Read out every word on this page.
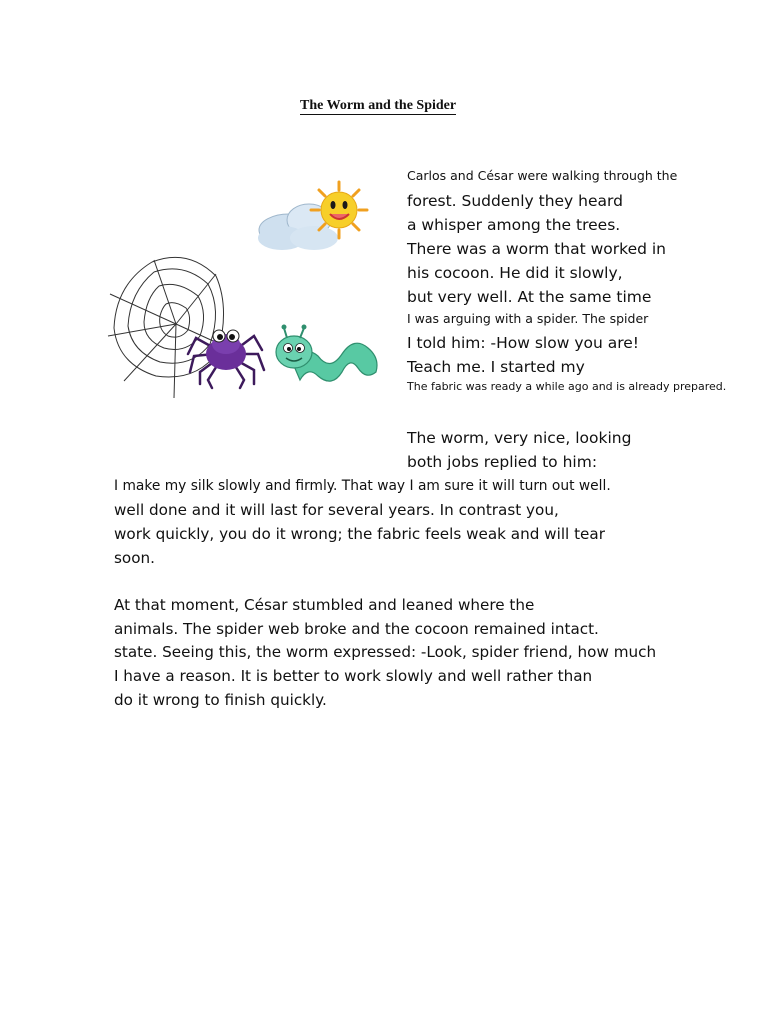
The Worm and the Spider
Carlos and César were walking through the
forest. Suddenly they heard
a whisper among the trees.
There was a worm that worked in
his cocoon. He did it slowly,
but very well. At the same time
I was arguing with a spider. The spider
I told him: -How slow you are!
Teach me. I started my
The fabric was ready a while ago and is already prepared.
The worm, very nice, looking
both jobs replied to him:
I make my silk slowly and firmly. That way I am sure it will turn out well.
well done and it will last for several years. In contrast you,
work quickly, you do it wrong; the fabric feels weak and will tear
soon.
At that moment, César stumbled and leaned where the
animals. The spider web broke and the cocoon remained intact.
state. Seeing this, the worm expressed: -Look, spider friend, how much
I have a reason. It is better to work slowly and well rather than
do it wrong to finish quickly.
